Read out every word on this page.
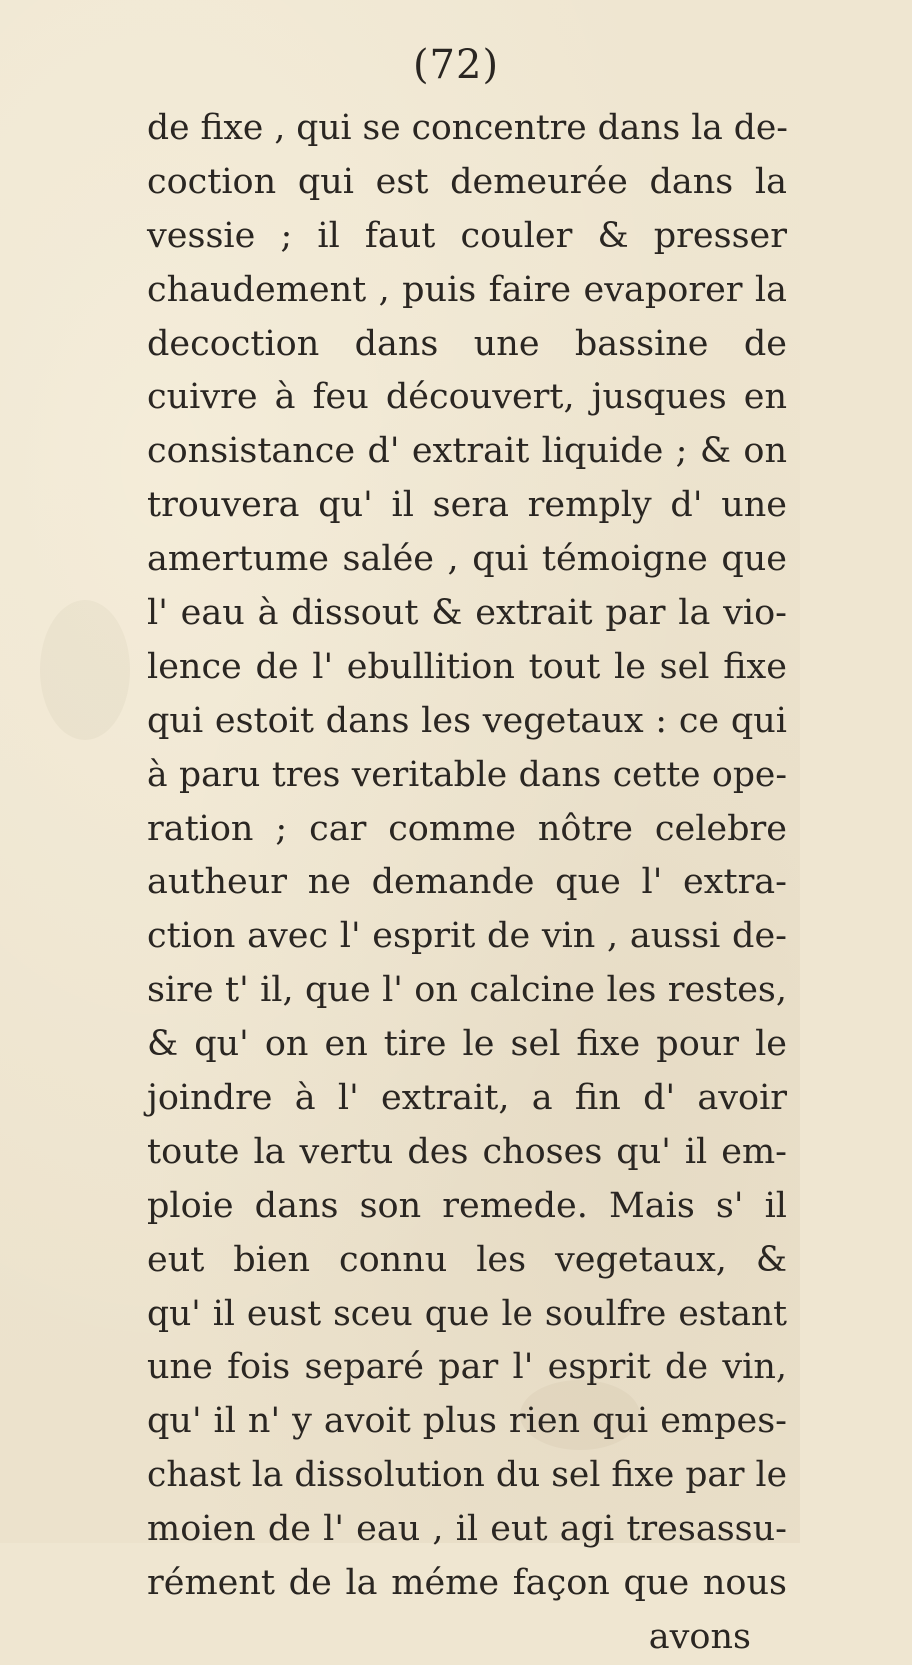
(72)
de fixe , qui se concentre dans la de-
coction qui est demeurée dans la
vessie ; il faut couler & presser
chaudement , puis faire evaporer la
decoction dans une bassine de
cuivre à feu découvert, jusques en
consistance d' extrait liquide ; & on
trouvera qu' il sera remply d' une
amertume salée , qui témoigne que
l' eau à dissout & extrait par la vio-
lence de l' ebullition tout le sel fixe
qui estoit dans les vegetaux : ce qui
à paru tres veritable dans cette ope-
ration ; car comme nôtre celebre
autheur ne demande que l' extra-
ction avec l' esprit de vin , aussi de-
sire t' il, que l' on calcine les restes,
& qu' on en tire le sel fixe pour le
joindre à l' extrait, a fin d' avoir
toute la vertu des choses qu' il em-
ploie dans son remede. Mais s' il
eut bien connu les vegetaux, &
qu' il eust sceu que le soulfre estant
une fois separé par l' esprit de vin,
qu' il n' y avoit plus rien qui empes-
chast la dissolution du sel fixe par le
moien de l' eau , il eut agi tresassu-
rément de la méme façon que nous
avons
